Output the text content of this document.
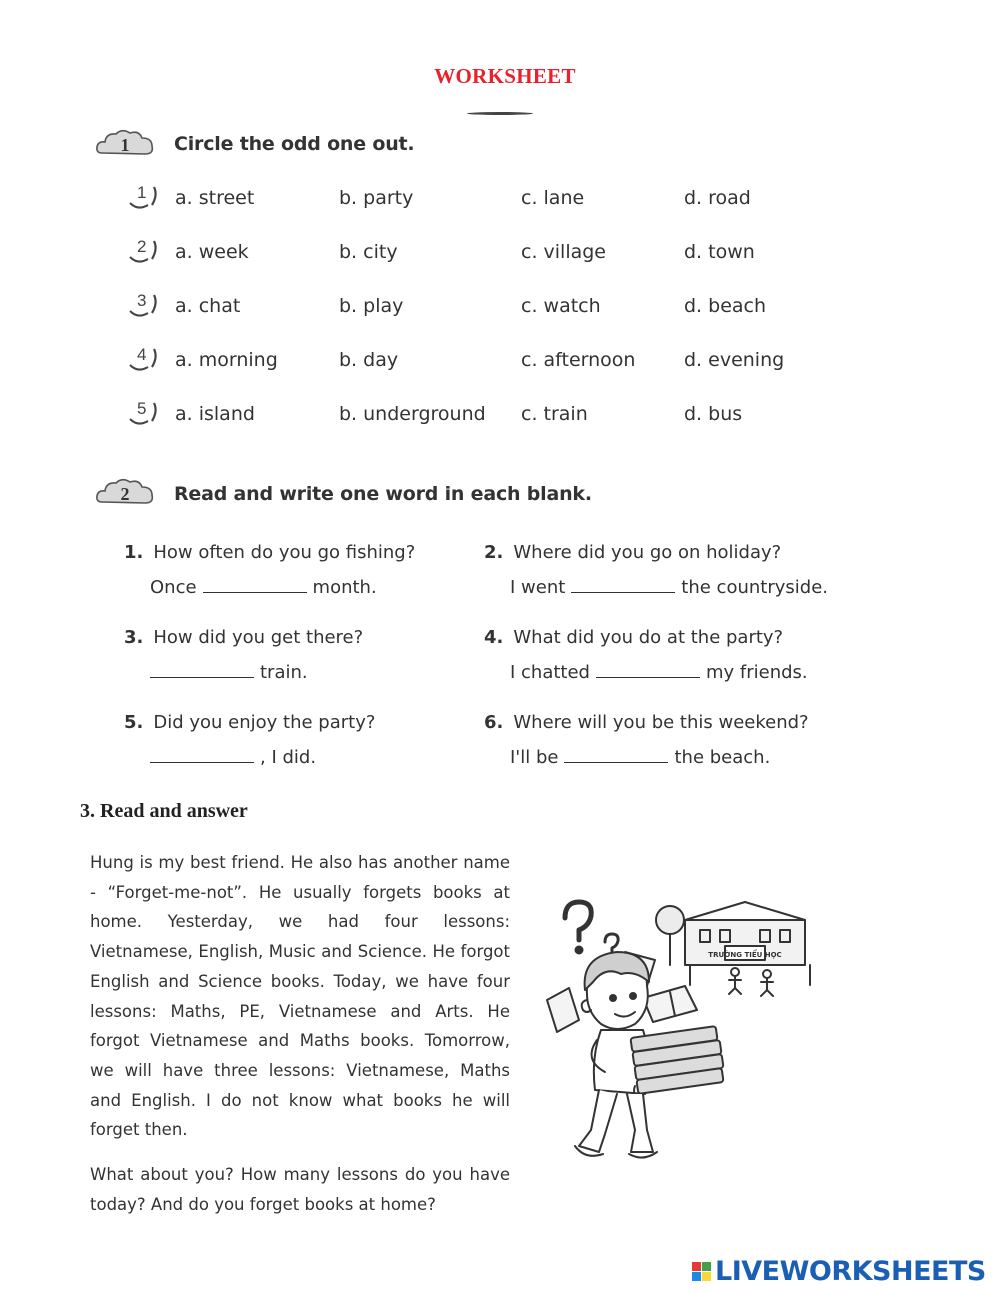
WORKSHEET
1 Circle the odd one out.
1 a. street	b. party	c. lane	d. road
2 a. week	b. city	c. village	d. town
3 a. chat	b. play	c. watch	d. beach
4 a. morning	b. day	c. afternoon	d. evening
5 a. island	b. underground c. train	d. bus
2 Read and write one word in each blank.
1. How often do you go fishing?
Once	month.
2. Where did you go on holiday?
I went	the countryside.
3. How did you get there?
train.
4. What did you do at the party?
I chatted	my friends.
5. Did you enjoy the party?
, I did.
6. Where will you be this weekend?
I'll be	the beach.
3. Read and answer
Hung is my best friend. He also has another name - “Forget-me-not”. He usually forgets books at home. Yesterday, we had four lessons: Vietnamese, English, Music and Science. He forgot English and Science books. Today, we have four lessons: Maths, PE, Vietnamese and Arts. He forgot Vietnamese and Maths books. Tomorrow, we will have three lessons: Vietnamese, Maths and English. I do not know what books he will forget then.
What about you? How many lessons do you have today? And do you forget books at home?
TRƯỜNG TIỂU HỌC
LIVEWORKSHEETS
